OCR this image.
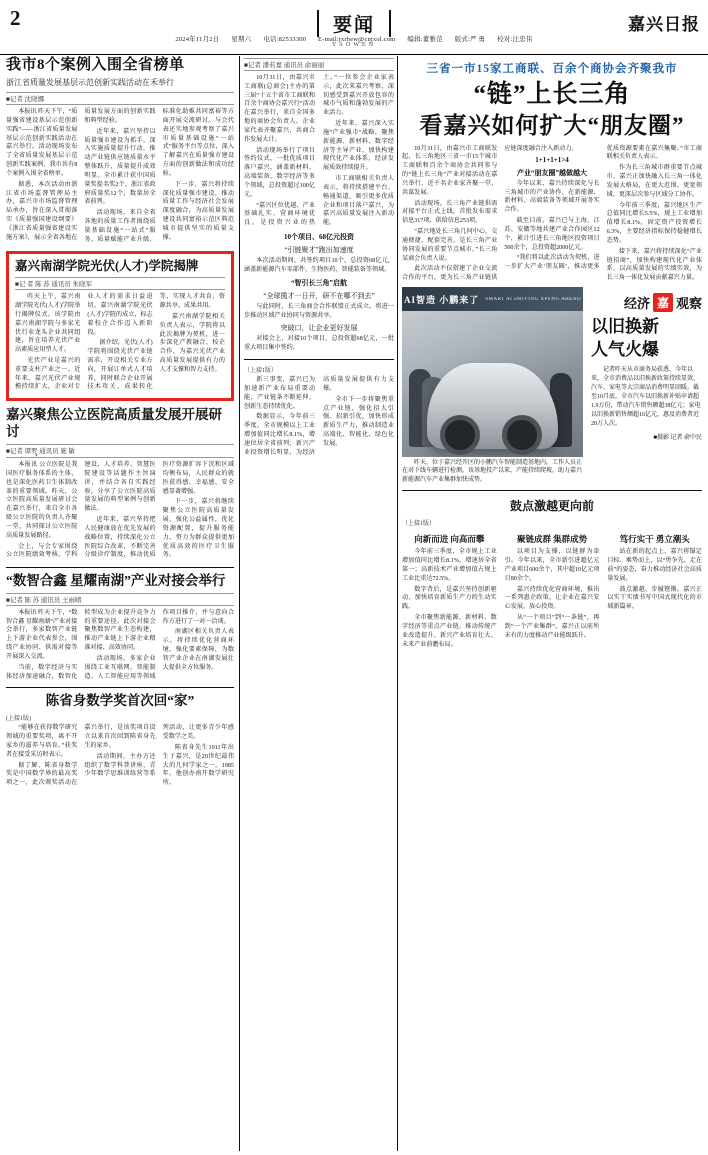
2	要闻	嘉兴日报
2024年11月2日 星期六 电话:82533300 E-mail:jxrbew@cnjxol.com 编辑:董雅范 版式:严 勇 校对:汪忠伟
YAOWEN
我市8个案例入围全省榜单

浙江省质量发展基层示范创新实践活动在禾举行

■记者 沈晓娜

本报讯 昨天下午，“质量强省建设基层示范创新实践”——浙江省质量发展基层示范创新实践活动在嘉兴举行。活动现场发布了全省质量发展基层示范创新实践案例，我市共有8个案例入围全省榜单。

据悉，本次活动由浙江省市场监督管理局主办，嘉兴市市场监督管理局承办，旨在深入贯彻落实《质量强国建设纲要》《浙江省质量强省建设实施方案》，展示全省各地在质量发展方面的创新实践和典型经验。

近年来，嘉兴坚持以质量强市建设为抓手，深入实施质量提升行动，推动产业链供应链质量水平整体跃升，质量提升成效明显。全市累计获中国质量奖提名奖2个、浙江省政府质量奖12个，数量居全省前列。

活动现场，来自全省各地的质量工作者围绕质量基础设施“一站式”服务、质量赋能产业升级、标准化助推共同富裕等方面开展交流研讨。与会代表还实地参观考察了嘉兴市质量基础设施“一站式”服务平台等点位，深入了解嘉兴在质量强市建设方面的创新做法和成功经验。

下一步，嘉兴将持续深化质量强市建设，推动质量工作与经济社会发展深度融合，为高质量发展建设共同富裕示范区典范城市提供坚实的质量支撑。

嘉兴南湖学院光伏(人才)学院揭牌
■记 者 陈 苏 通讯员 朱晓军

昨天上午，嘉兴南湖学院光伏(人才)学院举行揭牌仪式。该学院由嘉兴南湖学院与多家光伏行业龙头企业共同组建，旨在培养光伏产业高素质应用型人才。

光伏产业是嘉兴的重要支柱产业之一。近年来，嘉兴光伏产业规模持续扩大，企业对专业人才的需求日益迫切。嘉兴南湖学院光伏(人才)学院的成立，标志着校企合作迈入新阶段。

据介绍，光伏(人才)学院将围绕光伏产业链需求，开设相关专业方向，开展订单式人才培养，同时联合企业开展技术攻关、成果转化等，实现人才共育、资源共享、成果共用。

嘉兴南湖学院相关负责人表示，学院将以此次揭牌为契机，进一步深化产教融合、校企合作，为嘉兴光伏产业高质量发展提供有力的人才支撑和智力支持。

嘉兴聚焦公立医院高质量发展开展研讨
■记者 谭罗ูุ 通讯员 施 敏

本报讯 公立医院是我国医疗服务体系的主体，也是深化医药卫生体制改革的重要领域。昨天，公立医院高质量发展研讨会在嘉兴举行，来自全市各级公立医院的负责人齐聚一堂，共同探讨公立医院高质量发展路径。

会上，与会专家围绕公立医院绩效考核、学科建设、人才培养、智慧医院建设等话题作主旨演讲，并结合各自实践经验，分享了公立医院高质量发展的典型案例与创新做法。

近年来，嘉兴坚持把人民健康放在优先发展的战略位置，持续深化公立医院综合改革，不断完善分级诊疗制度，推动优质医疗资源扩容下沉和区域均衡布局，人民群众的就医获得感、幸福感、安全感显著增强。

下一步，嘉兴将继续聚焦公立医院高质量发展，强化公益属性，优化资源配置，提升服务能力，努力为群众提供更加优质高效的医疗卫生服务。

“数智合鑫 星耀南湖”产业对接会举行
■记者 陈 苏 通讯员 王雨晴

本报讯 昨天下午，“数智合鑫 星耀南湖”产业对接会举行，多家数智产业链上下游企业代表参会，围绕产业协同、供需对接等开展深入交流。

当前，数字经济与实体经济加速融合，数智化转型成为企业提升竞争力的重要途径。此次对接会聚焦数智产业生态构建，推动产业链上下游企业精准对接、高效协同。

活动现场，多家企业围绕工业互联网、智能制造、人工智能应用等领域作项目推介，并与意向合作方进行了一对一洽谈。

南湖区相关负责人表示，将持续优化营商环境，强化要素保障，为数智产业企业在南湖发展壮大提供全方位服务。

陈省身数学奖首次回“家”
(上接1版)

“能够在获得数学研究领域的重要奖项，离不开家乡的滋养与培育。”获奖者在接受采访时表示。

据了解，陈省身数学奖是中国数学界的最高奖项之一，此次颁奖活动在嘉兴举行，是该奖项自设立以来首次回到陈省身先生的家乡。

活动期间，主办方还组织了数学科普讲座、青少年数学思维训练营等系列活动，让更多青少年感受数学之美。

陈省身先生1911年出生于嘉兴，是20世纪最伟大的几何学家之一。1985年，他创办南开数学研究所。

■记者 潘若嘉 通讯员 俞丽丽

10月31日，由嘉兴市工商联(总商会)主办的第三届“十五个省市工商联和百余个商协会嘉兴行”活动在嘉兴举行，来自全国多地的商协会负责人、企业家代表齐聚嘉兴，共商合作发展大计。

活动现场举行了项目签约仪式，一批优质项目落户嘉兴，涵盖新材料、高端装备、数字经济等多个领域，总投资超过100亿元。

“嘉兴区位优越、产业基础扎实、营商环境优良，是投资兴业的热土。”一位参会企业家表示，此次来嘉兴考察，深切感受到嘉兴开放包容的城市气质和蓬勃发展的产业活力。

近年来，嘉兴深入实施“产业强市”战略，聚焦新能源、新材料、数字经济等主导产业，加快构建现代化产业体系，经济发展质效持续提升。

市工商联相关负责人表示，将持续搭建平台、畅通渠道，吸引更多优质企业和项目落户嘉兴，为嘉兴高质量发展注入新动能。

10个项目、68亿元投资
“引链聚才”跑出加速度

本次活动期间，共签约项目10个，总投资68亿元，涵盖新能源汽车零部件、生物医药、智能装备等领域。

“智引长三角”启航
“全球揽才一日开，研不在哪不到去”

与此同时，长三角商会合作联盟正式成立，将进一步推动区域产业协同与资源共享。

突破口，让企业更好发展

对接会上，对接10个项目，总投资超68亿元，一批重大项目集中签约。

（上接1版）

新三事变，嘉兴已为加速新产业布局重要动能，产业链条不断延伸、创新生态持续优化。

数据显示，今年前三季度，全市规模以上工业增加值同比增长8.1%，增速位居全省前列；新兴产业投资增长明显，为经济高质量发展提供有力支撑。

全市下一步将聚焦重点产业链，强化招大引强、招新引优，加快形成新质生产力，推动制造业高端化、智能化、绿色化发展。

三省一市15家工商联、百余个商协会齐聚我市
“链”上长三角
看嘉兴如何扩大“朋友圈”

10月31日，由嘉兴市工商联发起、长三角地区三省一市15个城市工商联和百余个商协会共同参与的“链上长三角”产业对接活动在嘉兴举行，近千名企业家齐聚一堂，共谋发展。

活动现场，长三角产业链供需对接平台正式上线，首批发布需求信息317项，供给信息253项。

“嘉兴地处长三角几何中心，交通便捷、配套完善，是长三角产业协同发展的重要节点城市。”长三角某商会负责人说。

此次活动不仅搭建了企业交流合作的平台，更为长三角产业链供应链深度融合注入新动力。

1+1+1+1>4

产业“朋友圈”越做越大

今年以来，嘉兴持续深化与长三角城市的产业协作，在新能源、新材料、高端装备等领域开展务实合作。

截至目前，嘉兴已与上海、江苏、安徽等地共建产业合作园区12个，累计引进长三角地区投资项目500余个，总投资超2000亿元。

“我们将以此次活动为契机，进一步扩大产业‘朋友圈’，推动更多优质资源要素在嘉兴集聚。”市工商联相关负责人表示。

作为长三角城市群重要节点城市，嘉兴正加快融入长三角一体化发展大格局，在更大范围、更宽领域、更深层次参与区域分工协作。

今年前三季度，嘉兴地区生产总值同比增长5.5%，规上工业增加值增长8.1%，固定资产投资增长6.3%，主要经济指标保持稳健增长态势。

接下来，嘉兴将持续深化“产业链招商”，加快构建现代化产业体系，以高质量发展的实绩实效，为长三角一体化发展贡献嘉兴力量。

AI智造 小鹏来了 SMART AI DRIVING XPENG AHEAD

昨天，位于嘉兴经开区的小鹏汽车智能制造基地内，工作人员正在对下线车辆进行检测。该基地投产以来，产能持续爬坡，助力嘉兴新能源汽车产业集群加快成势。

经济 嘉 观察
以旧换新
人气火爆

记者昨天从市商务局获悉，今年以来，全市消费品以旧换新政策持续显效，汽车、家电等大宗商品消费明显回暖。截至10月底，全市汽车以旧换新补贴申请超1.9万份，带动汽车销售额超38亿元；家电以旧换新销售额超16亿元，惠及消费者近20万人次。

■摄影 记者 俞中民

鼓点激越更向前
（上接1版）
向新而进 向高而攀

今年前三季度，全市规上工业增加值同比增长8.1%，增速居全省第一；高新技术产业增加值占规上工业比重达72.5%。

数字背后，是嘉兴坚持创新驱动、加快培育新质生产力的生动实践。

全市聚焦新能源、新材料、数字经济等重点产业链，推动传统产业改造提升、新兴产业培育壮大、未来产业前瞻布局。

聚链成群 集群成势

以项目为支撑，以链群为牵引。今年以来，全市新引进超亿元产业项目600余个，其中超10亿元项目80余个。

嘉兴持续优化营商环境，推出一系列惠企政策，让企业在嘉兴安心发展、放心投资。

从“一个项目”到“一条链”，再到“一个产业集群”，嘉兴正以前所未有的力度推动产业能级跃升。

笃行实干 勇立潮头

站在新的起点上，嘉兴将锚定目标、乘势而上，以“勇争先、走在前”的姿态，奋力推动经济社会高质量发展。

鼓点激越，步履铿锵。嘉兴正以实干实绩书写中国式现代化的市域新篇章。
